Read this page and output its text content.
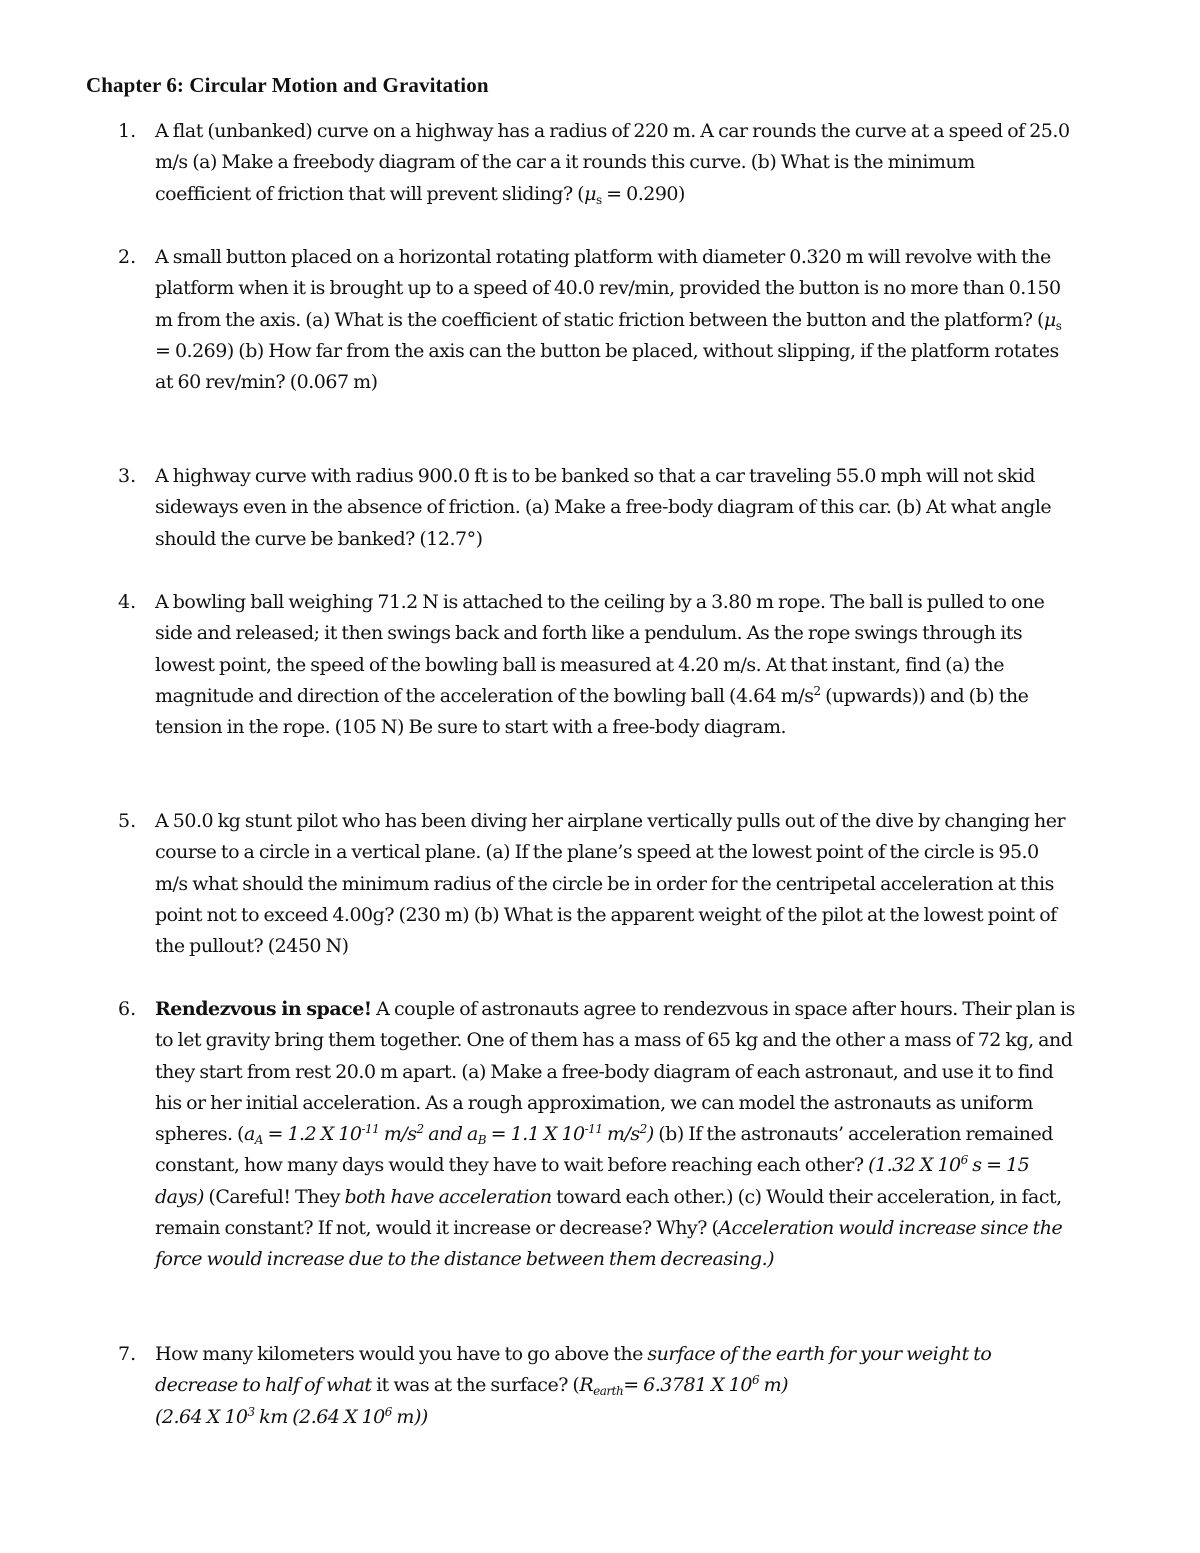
Chapter 6: Circular Motion and Gravitation
1. A flat (unbanked) curve on a highway has a radius of 220 m. A car rounds the curve at a speed of 25.0
m/s (a) Make a freebody diagram of the car a it rounds this curve. (b) What is the minimum
coefficient of friction that will prevent sliding? $(\mu_s = 0.290)$
2. A small button placed on a horizontal rotating platform with diameter 0.320 m will revolve with the
platform when it is brought up to a speed of 40.0 rev/min, provided the button is no more than 0.150
m from the axis. (a) What is the coefficient of static friction between the button and the platform? ($\mu_s$
= 0.269) (b) How far from the axis can the button be placed, without slipping, if the platform rotates
at 60 rev/min? (0.067 m)
3. A highway curve with radius 900.0 ft is to be banked so that a car traveling 55.0 mph will not skid
sideways even in the absence of friction. (a) Make a free-body diagram of this car. (b) At what angle
should the curve be banked? (12.7°)
4. A bowling ball weighing 71.2 N is attached to the ceiling by a 3.80 m rope. The ball is pulled to one
side and released; it then swings back and forth like a pendulum. As the rope swings through its
lowest point, the speed of the bowling ball is measured at 4.20 m/s. At that instant, find (a) the
magnitude and direction of the acceleration of the bowling ball (4.64 $m/s^2$ (upwards)) and (b) the
tension in the rope. (105 N) Be sure to start with a free-body diagram.
5. A 50.0 kg stunt pilot who has been diving her airplane vertically pulls out of the dive by changing her
course to a circle in a vertical plane. (a) If the plane’s speed at the lowest point of the circle is 95.0
m/s what should the minimum radius of the circle be in order for the centripetal acceleration at this
point not to exceed 4.00g? (230 m) (b) What is the apparent weight of the pilot at the lowest point of
the pullout? (2450 N)
6. Rendezvous in space! A couple of astronauts agree to rendezvous in space after hours. Their plan is
to let gravity bring them together. One of them has a mass of 65 kg and the other a mass of 72 kg, and
they start from rest 20.0 m apart. (a) Make a free-body diagram of each astronaut, and use it to find
his or her initial acceleration. As a rough approximation, we can model the astronauts as uniform
spheres. ($a_A = 1.2$ X $10^{-11}$ $m/s^2$ and $a_B = 1.1$ X $10^{-11}$ $m/s^2$) (b) If the astronauts’ acceleration remained
constant, how many days would they have to wait before reaching each other? (1.32 X $10^6$ s = 15
days) (Careful! They both have acceleration toward each other.) (c) Would their acceleration, in fact,
remain constant? If not, would it increase or decrease? Why? (Acceleration would increase since the
force would increase due to the distance between them decreasing.)
7. How many kilometers would you have to go above the surface of the earth for your weight to
decrease to half of what it was at the surface? ($R_{earth}= 6.3781$ X $10^6$ m)
(2.64 X $10^3$ km (2.64 X $10^6$ m))
